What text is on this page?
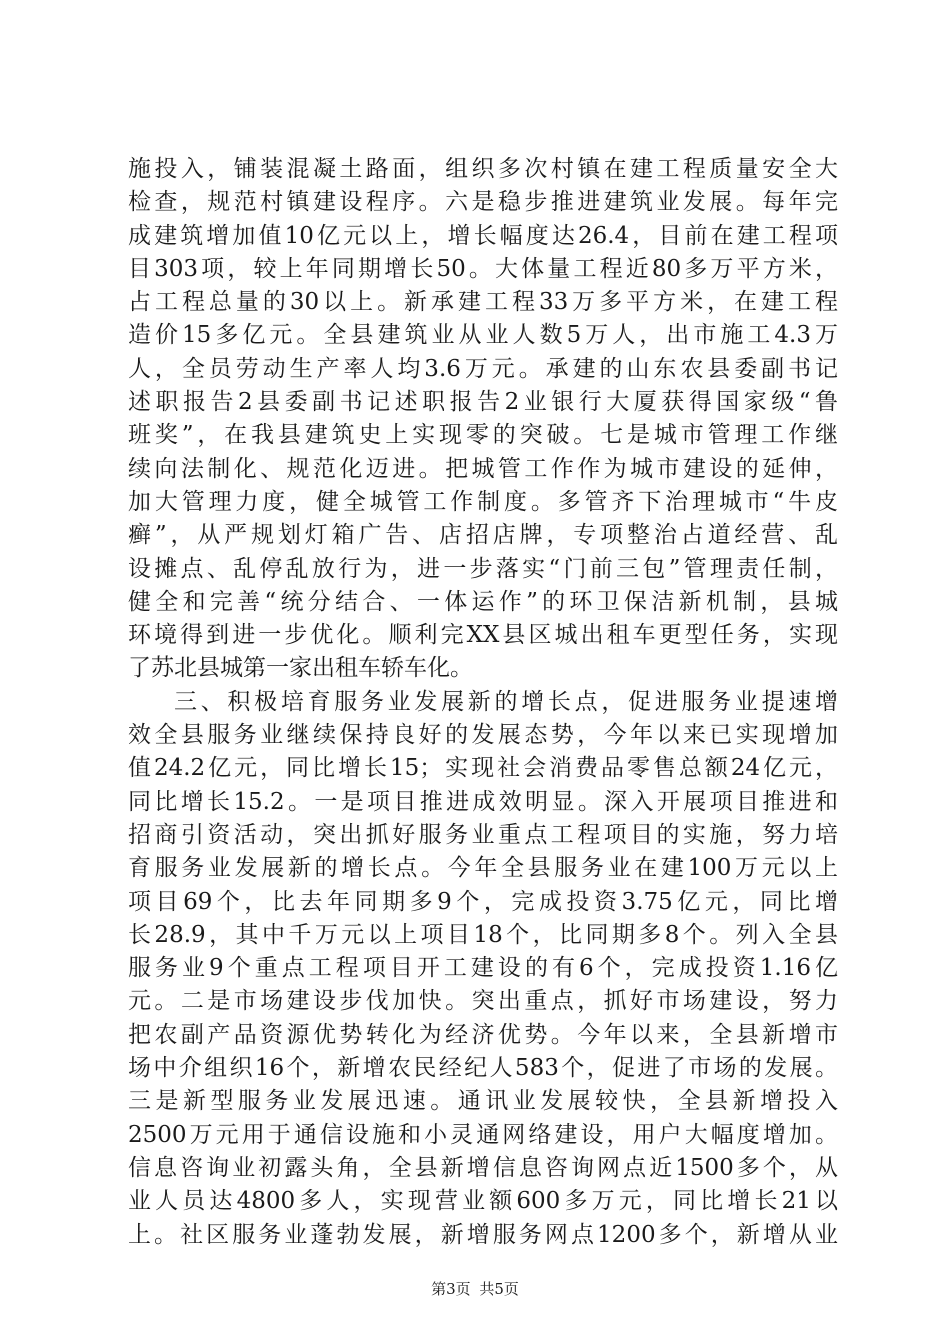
施投入，铺装混凝土路面，组织多次村镇在建工程质量安全大
检查，规范村镇建设程序。六是稳步推进建筑业发展。每年完
成建筑增加值10亿元以上，增长幅度达26.4，目前在建工程项
目303项，较上年同期增长50。大体量工程近80多万平方米，
占工程总量的30以上。新承建工程33万多平方米，在建工程
造价15多亿元。全县建筑业从业人数5万人，出市施工4.3万
人，全员劳动生产率人均3.6万元。承建的山东农县委副书记
述职报告2县委副书记述职报告2业银行大厦获得国家级“鲁
班奖”，在我县建筑史上实现零的突破。七是城市管理工作继
续向法制化、规范化迈进。把城管工作作为城市建设的延伸，
加大管理力度，健全城管工作制度。多管齐下治理城市“牛皮
癣”，从严规划灯箱广告、店招店牌，专项整治占道经营、乱
设摊点、乱停乱放行为，进一步落实“门前三包”管理责任制，
健全和完善“统分结合、一体运作”的环卫保洁新机制，县城
环境得到进一步优化。顺利完XX县区城出租车更型任务，实现
了苏北县城第一家出租车轿车化。
三、积极培育服务业发展新的增长点，促进服务业提速增
效全县服务业继续保持良好的发展态势，今年以来已实现增加
值24.2亿元，同比增长15；实现社会消费品零售总额24亿元，
同比增长15.2。一是项目推进成效明显。深入开展项目推进和
招商引资活动，突出抓好服务业重点工程项目的实施，努力培
育服务业发展新的增长点。今年全县服务业在建100万元以上
项目69个，比去年同期多9个，完成投资3.75亿元，同比增
长28.9，其中千万元以上项目18个，比同期多8个。列入全县
服务业9个重点工程项目开工建设的有6个，完成投资1.16亿
元。二是市场建设步伐加快。突出重点，抓好市场建设，努力
把农副产品资源优势转化为经济优势。今年以来，全县新增市
场中介组织16个，新增农民经纪人583个，促进了市场的发展。
三是新型服务业发展迅速。通讯业发展较快，全县新增投入
2500万元用于通信设施和小灵通网络建设，用户大幅度增加。
信息咨询业初露头角，全县新增信息咨询网点近1500多个，从
业人员达4800多人，实现营业额600多万元，同比增长21以
上。社区服务业蓬勃发展，新增服务网点1200多个，新增从业
第3页 共5页
